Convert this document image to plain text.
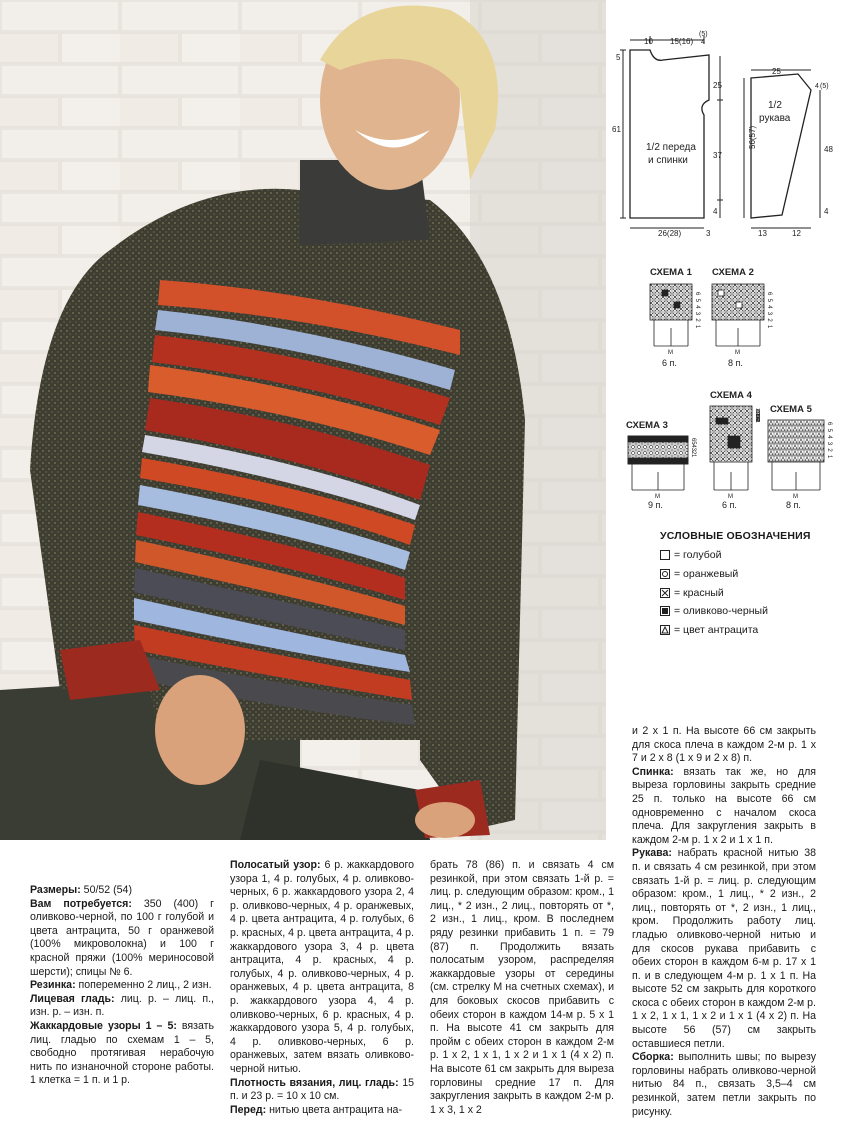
10 15(16)
(5)
4
5
61
25
37
4
26(28)	3
1/2 переда
и спинки
25
4 (5)
56(57)
48
4
13	12
1/2
рукава
СХЕМА 1 СХЕМА 2
СХЕМА 3
СХЕМА 4
СХЕМА 5
6 п.	8 п.
9 п.	6 п.	8 п.
М	М
М	М	М
6 5 4 3 2 1	6 5 4 3 2 1
6 5 4 3 2 1
14 13 12 11 10 9 8 7 6 5 4 3 2 1
6 5 4 3 2 1
УСЛОВНЫЕ ОБОЗНАЧЕНИЯ
= голубой
= оранжевый
= красный
= оливково-черный
= цвет антрацита

Размеры: 50/52 (54)

Вам потребуется: 350 (400) г оливково-черной, по 100 г голубой и цвета антрацита, 50 г оранжевой (100% микроволокна) и 100 г красной пряжи (100% мериносовой шерсти); спицы № 6.

Резинка: попеременно 2 лиц., 2 изн.

Лицевая гладь: лиц. р. – лиц. п., изн. р. – изн. п.

Жаккардовые узоры 1 – 5: вязать лиц. гладью по схемам 1 – 5, свободно протягивая нерабочую нить по изнаночной стороне работы. 1 клетка = 1 п. и 1 р.

Полосатый узор: 6 р. жаккардового узора 1, 4 р. голубых, 4 р. оливково-черных, 6 р. жаккардового узора 2, 4 р. оливково-черных, 4 р. оранжевых, 4 р. цвета антрацита, 4 р. голубых, 6 р. красных, 4 р. цвета антрацита, 4 р. жаккардового узора 3, 4 р. цвета антрацита, 4 р. красных, 4 р. голубых, 4 р. оливково-черных, 4 р. оранжевых, 4 р. цвета антрацита, 8 р. жаккардового узора 4, 4 р. оливково-черных, 6 р. красных, 4 р. жаккардового узора 5, 4 р. голубых, 4 р. оливково-черных, 6 р. оранжевых, затем вязать оливково-черной нитью.

Плотность вязания, лиц. гладь: 15 п. и 23 р. = 10 x 10 см.

Перед: нитью цвета антрацита на-

брать 78 (86) п. и связать 4 см резинкой, при этом связать 1-й р. = лиц. р. следующим образом: кром., 1 лиц., * 2 изн., 2 лиц., повторять от *, 2 изн., 1 лиц., кром. В последнем ряду резинки прибавить 1 п. = 79 (87) п. Продолжить вязать полосатым узором, распределяя жаккардовые узоры от середины (см. стрелку М на счетных схемах), и для боковых скосов прибавить с обеих сторон в каждом 14-м р. 5 x 1 п. На высоте 41 см закрыть для пройм с обеих сторон в каждом 2-м р. 1 x 2, 1 x 1, 1 x 2 и 1 x 1 (4 x 2) п. На высоте 61 см закрыть для выреза горловины средние 17 п. Для закругления закрыть в каждом 2-м р. 1 x 3, 1 x 2

и 2 x 1 п. На высоте 66 см закрыть для скоса плеча в каждом 2-м р. 1 x 7 и 2 x 8 (1 x 9 и 2 x 8) п.

Спинка: вязать так же, но для выреза горловины закрыть средние 25 п. только на высоте 66 см одновременно с началом скоса плеча. Для закругления закрыть в каждом 2-м р. 1 x 2 и 1 x 1 п.

Рукава: набрать красной нитью 38 п. и связать 4 см резинкой, при этом связать 1-й р. = лиц. р. следующим образом: кром., 1 лиц., * 2 изн., 2 лиц., повторять от *, 2 изн., 1 лиц., кром. Продолжить работу лиц. гладью оливково-черной нитью и для скосов рукава прибавить с обеих сторон в каждом 6-м р. 17 x 1 п. и в следующем 4-м р. 1 x 1 п. На высоте 52 см закрыть для короткого скоса с обеих сторон в каждом 2-м р. 1 x 2, 1 x 1, 1 x 2 и 1 x 1 (4 x 2) п. На высоте 56 (57) см закрыть оставшиеся петли.

Сборка: выполнить швы; по вырезу горловины набрать оливково-черной нитью 84 п., связать 3,5–4 см резинкой, затем петли закрыть по рисунку.
